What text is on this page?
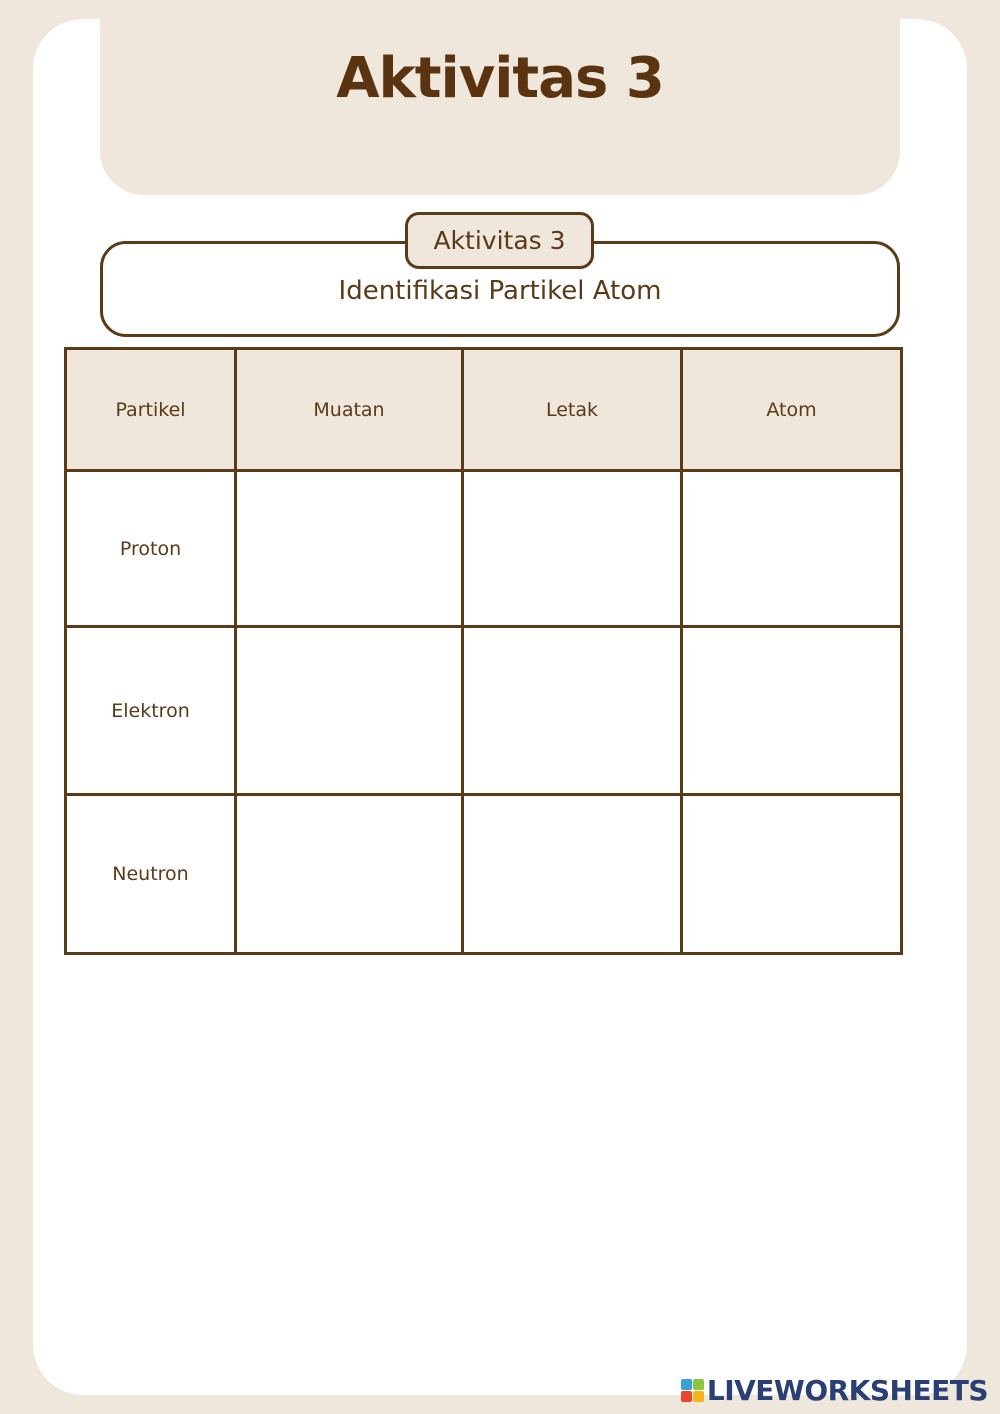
Aktivitas 3
Aktivitas 3
Identifikasi Partikel Atom
Partikel	Muatan	Letak	Atom
Proton			
Elektron			
Neutron			
LIVEWORKSHEETS
